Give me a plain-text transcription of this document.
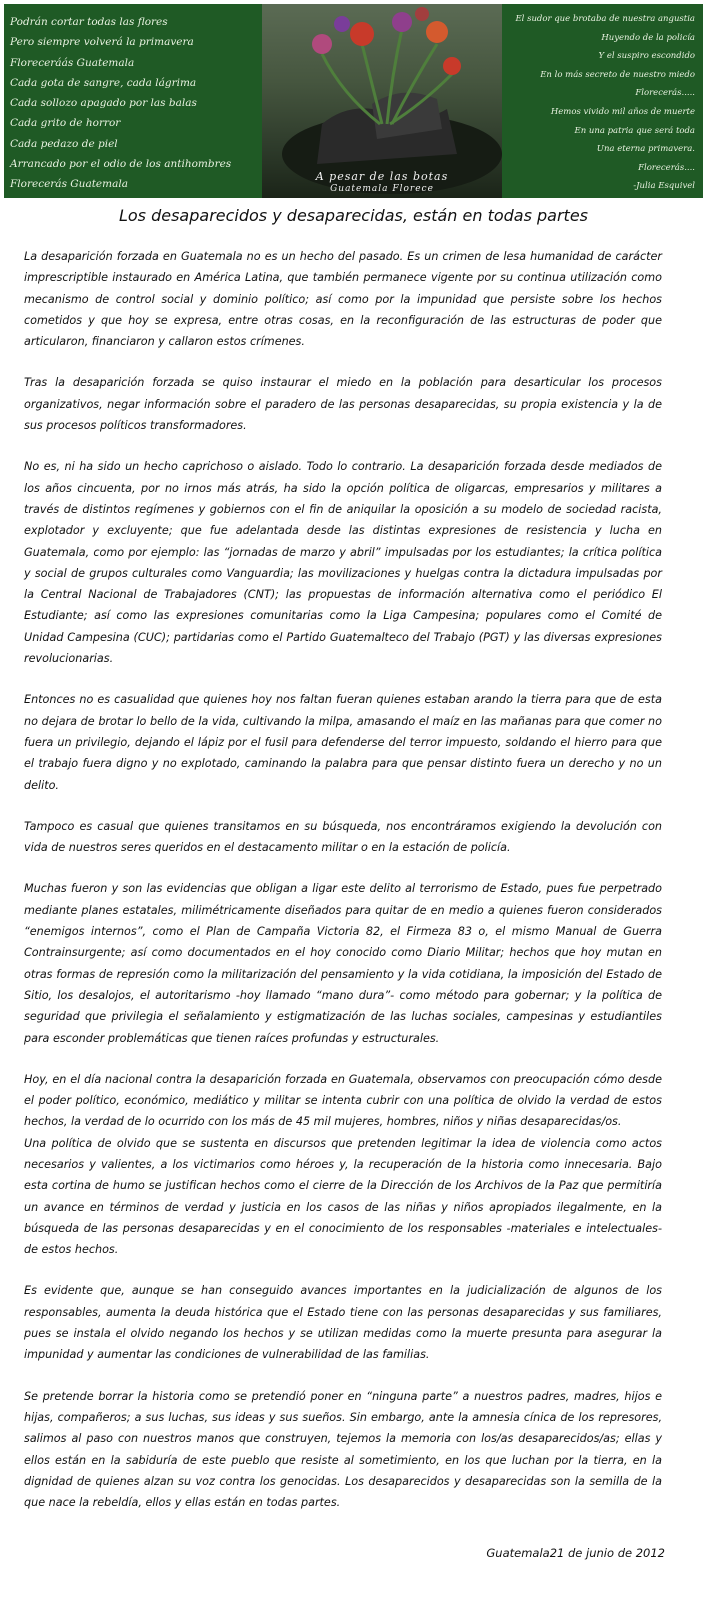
Podrán cortar todas las flores
Pero siempre volverá la primavera
Floreceráás Guatemala
Cada gota de sangre, cada lágrima
Cada sollozo apagado por las balas
Cada grito de horror
Cada pedazo de piel
Arrancado por el odio de los antihombres
Florecerás Guatemala
A pesar de las botas
Guatemala Florece
El sudor que brotaba de nuestra angustia
Huyendo de la policía
Y el suspiro escondido
En lo más secreto de nuestro miedo
Florecerás.....
Hemos vivido mil años de muerte
En una patria que será toda
Una eterna primavera.
Florecerás....
-Julia Esquivel
Los desaparecidos y desaparecidas, están en todas partes

La desaparición forzada en Guatemala no es un hecho del pasado. Es un crimen de lesa humanidad de carácter imprescriptible instaurado en América Latina, que también permanece vigente por su continua utilización como mecanismo de control social y dominio político; así como por la impunidad que persiste sobre los hechos cometidos y que hoy se expresa, entre otras cosas, en la reconfiguración de las estructuras de poder que articularon, financiaron y callaron estos crímenes.

Tras la desaparición forzada se quiso instaurar el miedo en la población para desarticular los procesos organizativos, negar información sobre el paradero de las personas desaparecidas, su propia existencia y la de sus procesos políticos transformadores.

No es, ni ha sido un hecho caprichoso o aislado. Todo lo contrario. La desaparición forzada desde mediados de los años cincuenta, por no irnos más atrás, ha sido la opción política de oligarcas, empresarios y militares a través de distintos regímenes y gobiernos con el fin de aniquilar la oposición a su modelo de sociedad racista, explotador y excluyente; que fue adelantada desde las distintas expresiones de resistencia y lucha en Guatemala, como por ejemplo: las “jornadas de marzo y abril” impulsadas por los estudiantes; la crítica política y social de grupos culturales como Vanguardia; las movilizaciones y huelgas contra la dictadura impulsadas por la Central Nacional de Trabajadores (CNT); las propuestas de información alternativa como el periódico El Estudiante; así como las expresiones comunitarias como la Liga Campesina; populares como el Comité de Unidad Campesina (CUC); partidarias como el Partido Guatemalteco del Trabajo (PGT) y las diversas expresiones revolucionarias.

Entonces no es casualidad que quienes hoy nos faltan fueran quienes estaban arando la tierra para que de esta no dejara de brotar lo bello de la vida, cultivando la milpa, amasando el maíz en las mañanas para que comer no fuera un privilegio, dejando el lápiz por el fusil para defenderse del terror impuesto, soldando el hierro para que el trabajo fuera digno y no explotado, caminando la palabra para que pensar distinto fuera un derecho y no un delito.

Tampoco es casual que quienes transitamos en su búsqueda, nos encontráramos exigiendo la devolución con vida de nuestros seres queridos en el destacamento militar o en la estación de policía.

Muchas fueron y son las evidencias que obligan a ligar este delito al terrorismo de Estado, pues fue perpetrado mediante planes estatales, milimétricamente diseñados para quitar de en medio a quienes fueron considerados “enemigos internos”, como el Plan de Campaña Victoria 82, el Firmeza 83 o, el mismo Manual de Guerra Contrainsurgente; así como documentados en el hoy conocido como Diario Militar; hechos que hoy mutan en otras formas de represión como la militarización del pensamiento y la vida cotidiana, la imposición del Estado de Sitio, los desalojos, el autoritarismo -hoy llamado “mano dura”- como método para gobernar; y la política de seguridad que privilegia el señalamiento y estigmatización de las luchas sociales, campesinas y estudiantiles para esconder problemáticas que tienen raíces profundas y estructurales.

Hoy, en el día nacional contra la desaparición forzada en Guatemala, observamos con preocupación cómo desde el poder político, económico, mediático y militar se intenta cubrir con una política de olvido la verdad de estos hechos, la verdad de lo ocurrido con los más de 45 mil mujeres, hombres, niños y niñas desaparecidas/os.

Una política de olvido que se sustenta en discursos que pretenden legitimar la idea de violencia como actos necesarios y valientes, a los victimarios como héroes y, la recuperación de la historia como innecesaria. Bajo esta cortina de humo se justifican hechos como el cierre de la Dirección de los Archivos de la Paz que permitiría un avance en términos de verdad y justicia en los casos de las niñas y niños apropiados ilegalmente, en la búsqueda de las personas desaparecidas y en el conocimiento de los responsables -materiales e intelectuales- de estos hechos.

Es evidente que, aunque se han conseguido avances importantes en la judicialización de algunos de los responsables, aumenta la deuda histórica que el Estado tiene con las personas desaparecidas y sus familiares, pues se instala el olvido negando los hechos y se utilizan medidas como la muerte presunta para asegurar la impunidad y aumentar las condiciones de vulnerabilidad de las familias.

Se pretende borrar la historia como se pretendió poner en “ninguna parte” a nuestros padres, madres, hijos e hijas, compañeros; a sus luchas, sus ideas y sus sueños. Sin embargo, ante la amnesia cínica de los represores, salimos al paso con nuestros manos que construyen, tejemos la memoria con los/as desaparecidos/as; ellas y ellos están en la sabiduría de este pueblo que resiste al sometimiento, en los que luchan por la tierra, en la dignidad de quienes alzan su voz contra los genocidas. Los desaparecidos y desaparecidas son la semilla de la que nace la rebeldía, ellos y ellas están en todas partes.

Guatemala21 de junio de 2012
